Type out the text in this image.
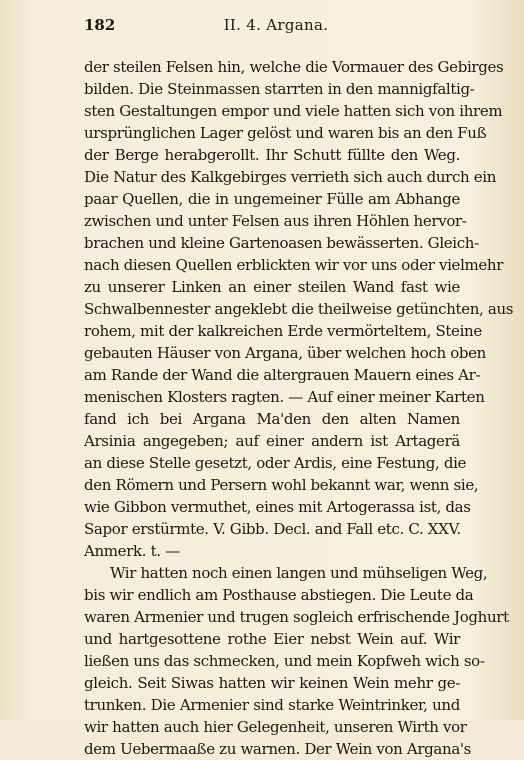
182	II. 4. Argana.
der steilen Felsen hin, welche die Vormauer des Gebirges
bilden. Die Steinmassen starrten in den mannigfaltig-
sten Gestaltungen empor und viele hatten sich von ihrem
ursprünglichen Lager gelöst und waren bis an den Fuß
der Berge herabgerollt. Ihr Schutt füllte den Weg.
Die Natur des Kalkgebirges verrieth sich auch durch ein
paar Quellen, die in ungemeiner Fülle am Abhange
zwischen und unter Felsen aus ihren Höhlen hervor-
brachen und kleine Gartenoasen bewässerten. Gleich-
nach diesen Quellen erblickten wir vor uns oder vielmehr
zu unserer Linken an einer steilen Wand fast wie
Schwalbennester angeklebt die theilweise getünchten, aus
rohem, mit der kalkreichen Erde vermörteltem, Steine
gebauten Häuser von Argana, über welchen hoch oben
am Rande der Wand die altergrauen Mauern eines Ar-
menischen Klosters ragten. — Auf einer meiner Karten
fand ich bei Argana Ma'den den alten Namen
Arsinia angegeben; auf einer andern ist Artagerä
an diese Stelle gesetzt, oder Ardis, eine Festung, die
den Römern und Persern wohl bekannt war, wenn sie,
wie Gibbon vermuthet, eines mit Artogerassa ist, das
Sapor erstürmte. V. Gibb. Decl. and Fall etc. C. XXV.
Anmerk. t. —
Wir hatten noch einen langen und mühseligen Weg,
bis wir endlich am Posthause abstiegen. Die Leute da
waren Armenier und trugen sogleich erfrischende Joghurt
und hartgesottene rothe Eier nebst Wein auf. Wir
ließen uns das schmecken, und mein Kopfweh wich so-
gleich. Seit Siwas hatten wir keinen Wein mehr ge-
trunken. Die Armenier sind starke Weintrinker, und
wir hatten auch hier Gelegenheit, unseren Wirth vor
dem Uebermaaße zu warnen. Der Wein von Argana's
